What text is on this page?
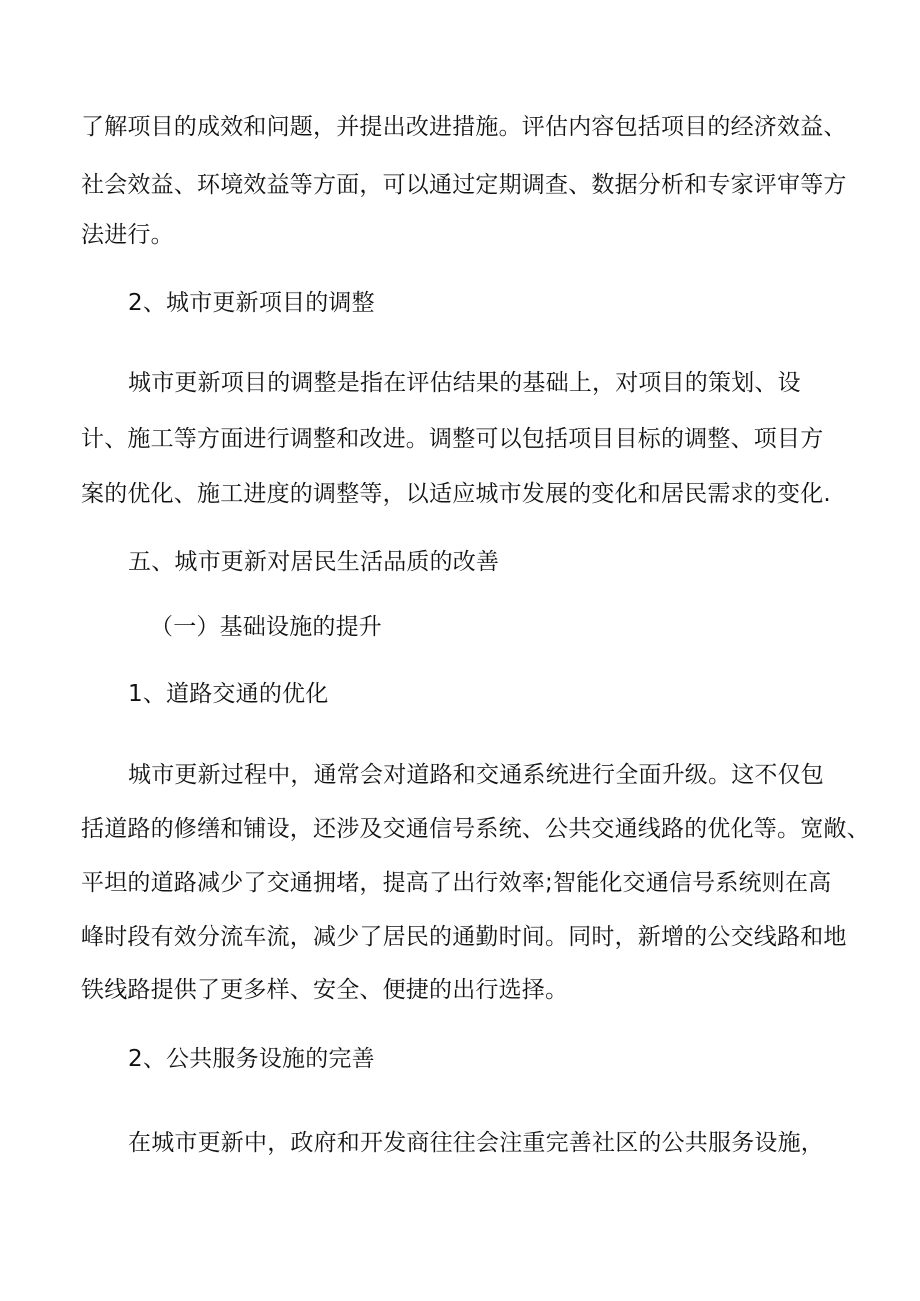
了解项目的成效和问题，并提出改进措施。评估内容包括项目的经济效益、

社会效益、环境效益等方面，可以通过定期调查、数据分析和专家评审等方

法进行。

2、城市更新项目的调整

城市更新项目的调整是指在评估结果的基础上，对项目的策划、设

计、施工等方面进行调整和改进。调整可以包括项目目标的调整、项目方

案的优化、施工进度的调整等，以适应城市发展的变化和居民需求的变化.

五、城市更新对居民生活品质的改善

（一）基础设施的提升

1、道路交通的优化

城市更新过程中，通常会对道路和交通系统进行全面升级。这不仅包

括道路的修缮和铺设，还涉及交通信号系统、公共交通线路的优化等。宽敞、

平坦的道路减少了交通拥堵，提高了出行效率;智能化交通信号系统则在高

峰时段有效分流车流，减少了居民的通勤时间。同时，新增的公交线路和地

铁线路提供了更多样、安全、便捷的出行选择。

2、公共服务设施的完善

在城市更新中，政府和开发商往往会注重完善社区的公共服务设施，
